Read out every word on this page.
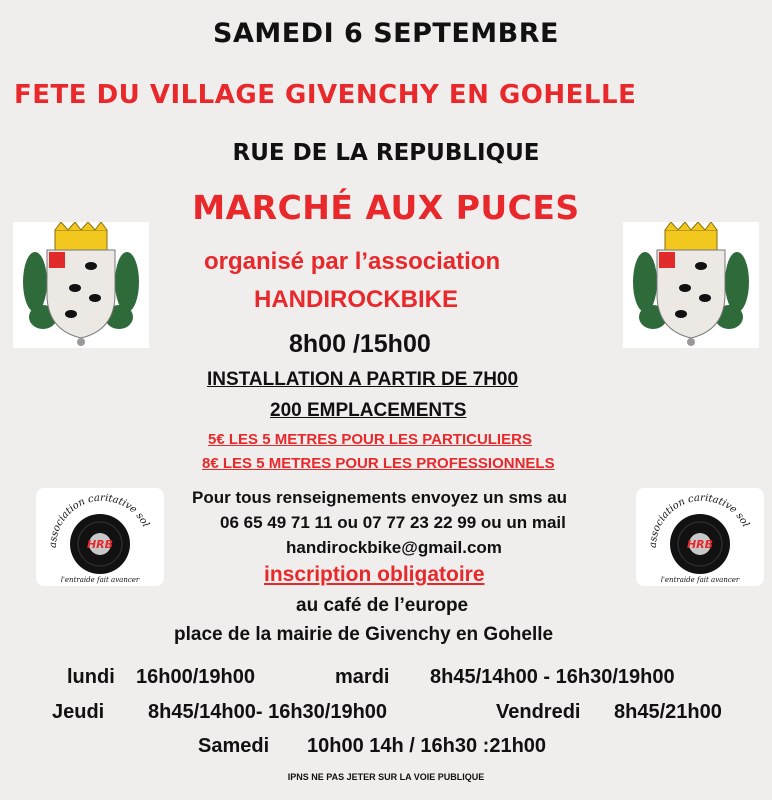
SAMEDI 6 SEPTEMBRE
FETE DU VILLAGE GIVENCHY EN GOHELLE
RUE DE LA REPUBLIQUE
MARCHÉ AUX PUCES
organisé par l’association
HANDIROCKBIKE
8h00 /15h00
INSTALLATION A PARTIR DE 7H00
200 EMPLACEMENTS
5€ LES 5 METRES POUR LES PARTICULIERS
8€ LES 5 METRES POUR LES PROFESSIONNELS
association caritative sol
HRB
l'entraide fait avancer
association caritative sol
HRB
l'entraide fait avancer
Pour tous renseignements envoyez un sms au
06 65 49 71 11 ou 07 77 23 22 99 ou un mail
handirockbike@gmail.com
inscription obligatoire
au café de l’europe
place de la mairie de Givenchy en Gohelle
lundi 16h00/19h00	mardi 8h45/14h00 - 16h30/19h00
Jeudi 8h45/14h00- 16h30/19h00	Vendredi 8h45/21h00
Samedi 10h00 14h / 16h30 :21h00
IPNS NE PAS JETER SUR LA VOIE PUBLIQUE
